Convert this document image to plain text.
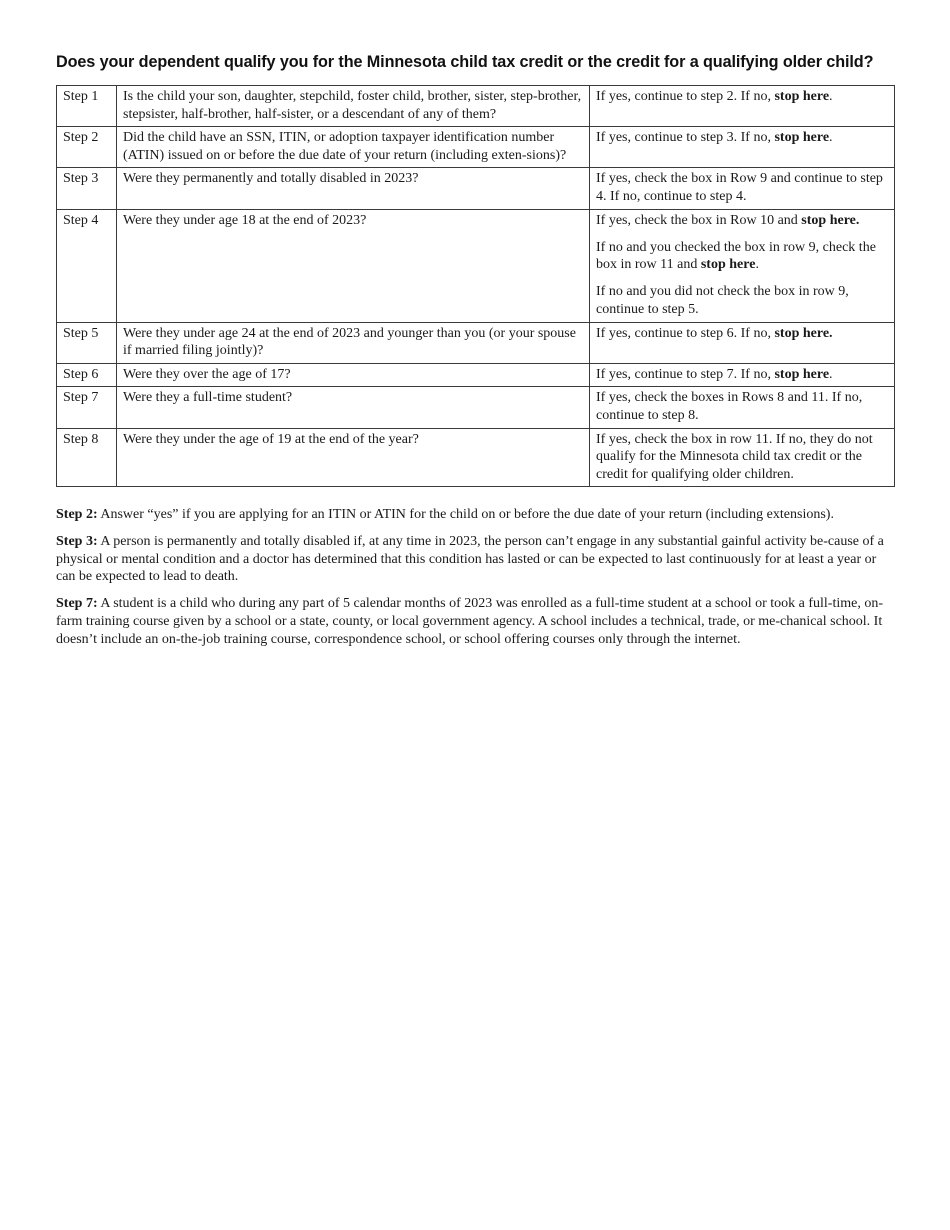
Does your dependent qualify you for the Minnesota child tax credit or the credit for a qualifying older child?
Step 1	Is the child your son, daughter, stepchild, foster child, brother, sister, step-brother, stepsister, half-brother, half-sister, or a descendant of any of them?	If yes, continue to step 2. If no, stop here.

Step 2	Did the child have an SSN, ITIN, or adoption taxpayer identification number (ATIN) issued on or before the due date of your return (including exten-sions)?	If yes, continue to step 3. If no, stop here.

Step 3	Were they permanently and totally disabled in 2023?	If yes, check the box in Row 9 and continue to step 4. If no, continue to step 4.

Step 4	Were they under age 18 at the end of 2023?	If yes, check the box in Row 10 and stop here.

If no and you checked the box in row 9, check the box in row 11 and stop here.

If no and you did not check the box in row 9, continue to step 5.

Step 5	Were they under age 24 at the end of 2023 and younger than you (or your spouse if married filing jointly)?	If yes, continue to step 6. If no, stop here.

Step 6	Were they over the age of 17?	If yes, continue to step 7. If no, stop here.

Step 7	Were they a full-time student?	If yes, check the boxes in Rows 8 and 11. If no, continue to step 8.

Step 8	Were they under the age of 19 at the end of the year?	If yes, check the box in row 11. If no, they do not qualify for the Minnesota child tax credit or the credit for qualifying older children.

Step 2: Answer “yes” if you are applying for an ITIN or ATIN for the child on or before the due date of your return (including extensions).

Step 3: A person is permanently and totally disabled if, at any time in 2023, the person can’t engage in any substantial gainful activity be-cause of a physical or mental condition and a doctor has determined that this condition has lasted or can be expected to last continuously for at least a year or can be expected to lead to death.

Step 7: A student is a child who during any part of 5 calendar months of 2023 was enrolled as a full-time student at a school or took a full-time, on-farm training course given by a school or a state, county, or local government agency. A school includes a technical, trade, or me-chanical school. It doesn’t include an on-the-job training course, correspondence school, or school offering courses only through the internet.
